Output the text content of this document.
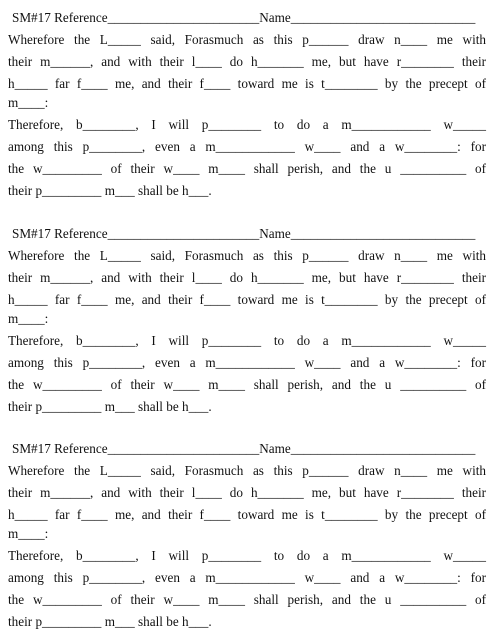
SM#17 Reference_______________________Name____________________________
Wherefore the L_____ said, Forasmuch as this p______ draw n____ me with
their m______, and with their l____ do h_______ me, but have r________ their
h_____ far f____ me, and their f____ toward me is t________ by the precept of
m____:
Therefore, b________, I will p________ to do a m____________ w_____
among this p________, even a m____________ w____ and a w________: for
the w_________ of their w____ m____ shall perish, and the u __________ of
their p_________ m___ shall be h___.
SM#17 Reference_______________________Name____________________________
Wherefore the L_____ said, Forasmuch as this p______ draw n____ me with
their m______, and with their l____ do h_______ me, but have r________ their
h_____ far f____ me, and their f____ toward me is t________ by the precept of
m____:
Therefore, b________, I will p________ to do a m____________ w_____
among this p________, even a m____________ w____ and a w________: for
the w_________ of their w____ m____ shall perish, and the u __________ of
their p_________ m___ shall be h___.
SM#17 Reference_______________________Name____________________________
Wherefore the L_____ said, Forasmuch as this p______ draw n____ me with
their m______, and with their l____ do h_______ me, but have r________ their
h_____ far f____ me, and their f____ toward me is t________ by the precept of
m____:
Therefore, b________, I will p________ to do a m____________ w_____
among this p________, even a m____________ w____ and a w________: for
the w_________ of their w____ m____ shall perish, and the u __________ of
their p_________ m___ shall be h___.
